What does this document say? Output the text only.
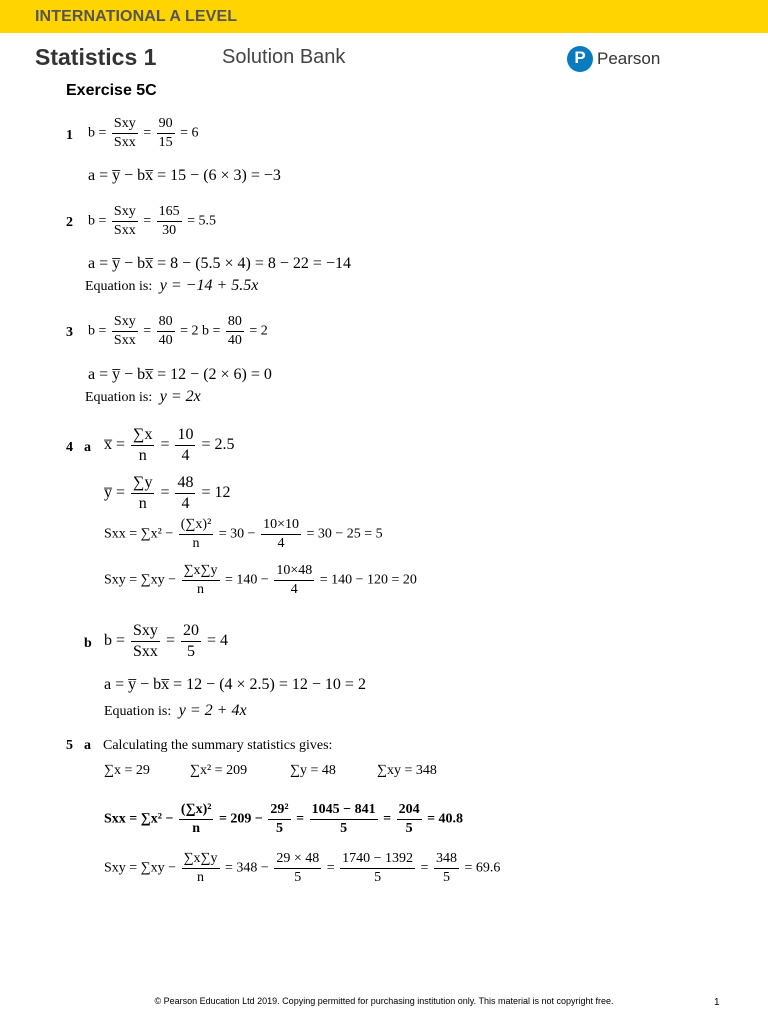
INTERNATIONAL A LEVEL
Statistics 1	Solution Bank	P Pearson
Exercise 5C
1 $b = \frac{\text{Sxy}}{\text{Sxx}} = \frac{90}{15} = 6$
a = y̅ − bx̅ = 15 − (6 × 3) = −3
2 $b = \frac{\text{Sxy}}{\text{Sxx}} = \frac{165}{30} = 5.5$
a = y̅ − bx̅ = 8 − (5.5 × 4) = 8 − 22 = −14
Equation is: y = −14 + 5.5x
3 $b = \frac{\text{Sxy}}{\text{Sxx}} = \frac{80}{40} = 2$ $b = \frac{80}{40} = 2$
a = y̅ − bx̅ = 12 − (2 × 6) = 0
Equation is: y = 2x
4 a x̅ = $\frac{\sum x}{n} = \frac{10}{4} = 2.5$
y̅ = $\frac{\sum y}{n} = \frac{48}{4} = 12$
Sxx = $\sum x^2 - \frac{\text{(∑x)²}}{n} = 30 - \frac{10\times 10}{4} = 30 - 25 = 5$
Sxy = $\sum xy - \frac{\sum x\sum y}{n} = 140 - \frac{10\times 48}{4} = 140 - 120 = 20$
b $b = \frac{\text{Sxy}}{\text{Sxx}} = \frac{20}{5} = 4$
a = y̅ − bx̅ = 12 − (4 × 2.5) = 12 − 10 = 2
Equation is: y = 2 + 4x
5 a Calculating the summary statistics gives:
∑x = 29	∑x² = 209	∑y = 48	∑xy = 348
Sxx = $\sum x^2 - \frac{\text{(∑x)²}}{n} = 209 - \frac{\text{29²}}{5} = \frac{1045 - 841}{5} = \frac{204}{5} = 40.8$
Sxy = $\sum xy - \frac{\sum x\sum y}{n} = 348 - \frac{29 \times 48}{5} = \frac{1740 - 1392}{5} = \frac{348}{5} = 69.6$
© Pearson Education Ltd 2019. Copying permitted for purchasing institution only. This material is not copyright free.	1
